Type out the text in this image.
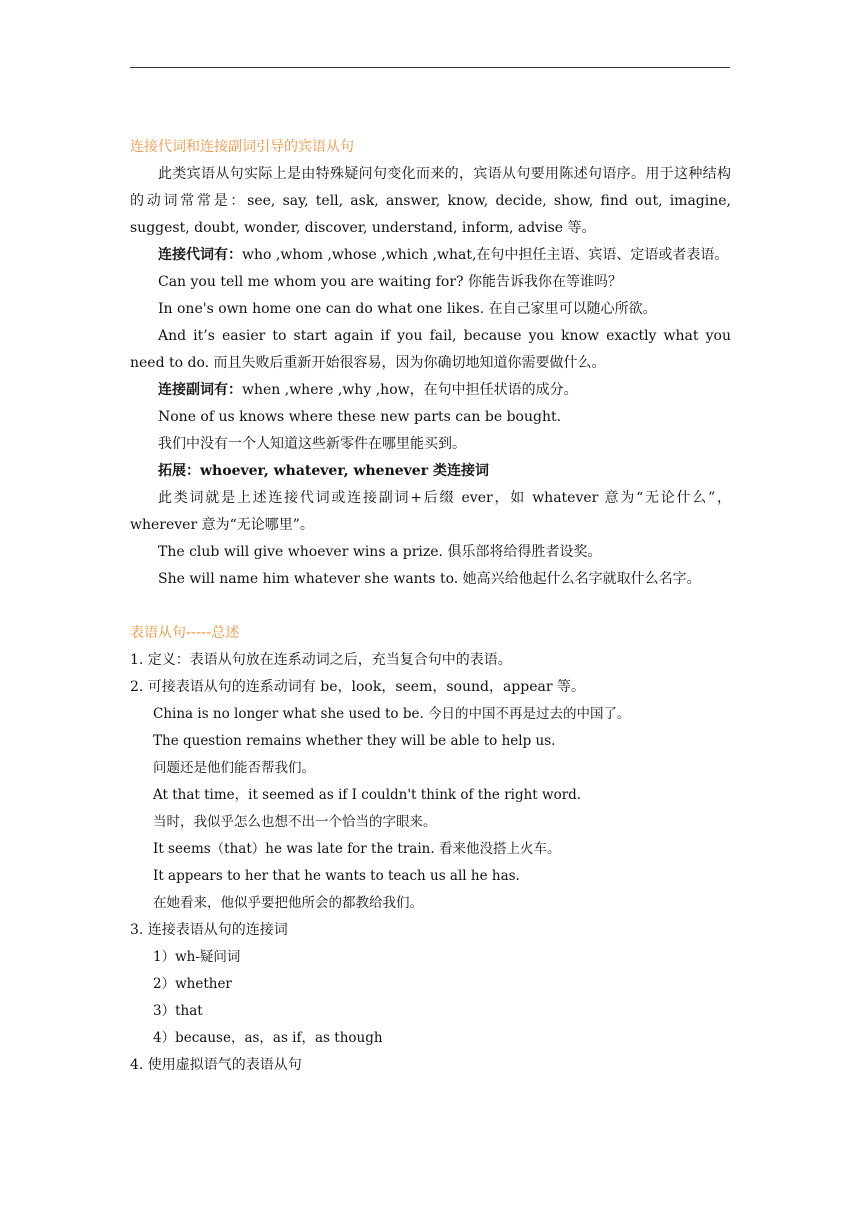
连接代词和连接副词引导的宾语从句

此类宾语从句实际上是由特殊疑问句变化而来的，宾语从句要用陈述句语序。用于这种结构的动词常常是：see, say, tell, ask, answer, know, decide, show, find out, imagine, suggest, doubt, wonder, discover, understand, inform, advise 等。

连接代词有：who ,whom ,whose ,which ,what,在句中担任主语、宾语、定语或者表语。

Can you tell me whom you are waiting for? 你能告诉我你在等谁吗？

In one's own home one can do what one likes. 在自己家里可以随心所欲。

And it’s easier to start again if you fail, because you know exactly what you need to do. 而且失败后重新开始很容易，因为你确切地知道你需要做什么。

连接副词有：when ,where ,why ,how，在句中担任状语的成分。

None of us knows where these new parts can be bought.

我们中没有一个人知道这些新零件在哪里能买到。

拓展：whoever, whatever, whenever 类连接词

此类词就是上述连接代词或连接副词+后缀 ever，如 whatever 意为“无论什么”，wherever 意为“无论哪里”。

The club will give whoever wins a prize. 俱乐部将给得胜者设奖。

She will name him whatever she wants to. 她高兴给他起什么名字就取什么名字。

表语从句-----总述

1. 定义：表语从句放在连系动词之后，充当复合句中的表语。

2. 可接表语从句的连系动词有 be，look，seem，sound，appear 等。

China is no longer what she used to be. 今日的中国不再是过去的中国了。

The question remains whether they will be able to help us.

问题还是他们能否帮我们。

At that time，it seemed as if I couldn't think of the right word.

当时，我似乎怎么也想不出一个恰当的字眼来。

It seems（that）he was late for the train. 看来他没搭上火车。

It appears to her that he wants to teach us all he has.

在她看来，他似乎要把他所会的都教给我们。

3. 连接表语从句的连接词

1）wh-疑问词

2）whether

3）that

4）because，as，as if，as though

4. 使用虚拟语气的表语从句
